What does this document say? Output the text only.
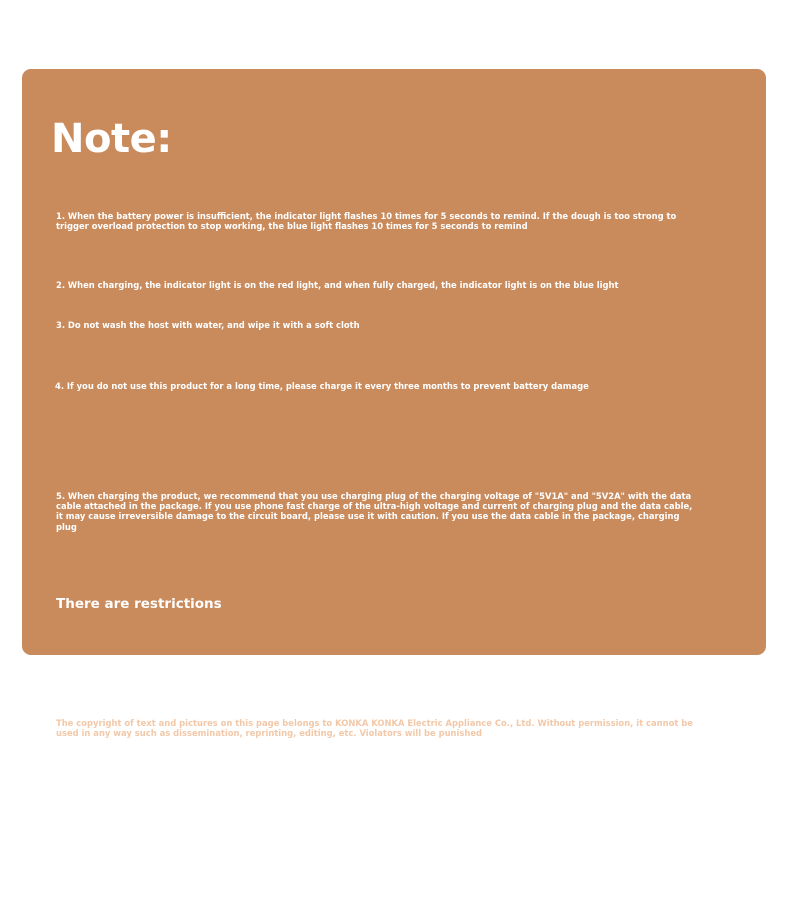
Note:

1. When the battery power is insufficient, the indicator light flashes 10 times for 5 seconds to remind. If the dough is too strong to trigger overload protection to stop working, the blue light flashes 10 times for 5 seconds to remind

2. When charging, the indicator light is on the red light, and when fully charged, the indicator light is on the blue light

3. Do not wash the host with water, and wipe it with a soft cloth

4. If you do not use this product for a long time, please charge it every three months to prevent battery damage

5. When charging the product, we recommend that you use charging plug of the charging voltage of "5V1A" and "5V2A" with the data cable attached in the package. If you use phone fast charge of the ultra-high voltage and current of charging plug and the data cable, it may cause irreversible damage to the circuit board, please use it with caution. If you use the data cable in the package, charging plug

There are restrictions

The copyright of text and pictures on this page belongs to KONKA KONKA Electric Appliance Co., Ltd. Without permission, it cannot be used in any way such as dissemination, reprinting, editing, etc. Violators will be punished
